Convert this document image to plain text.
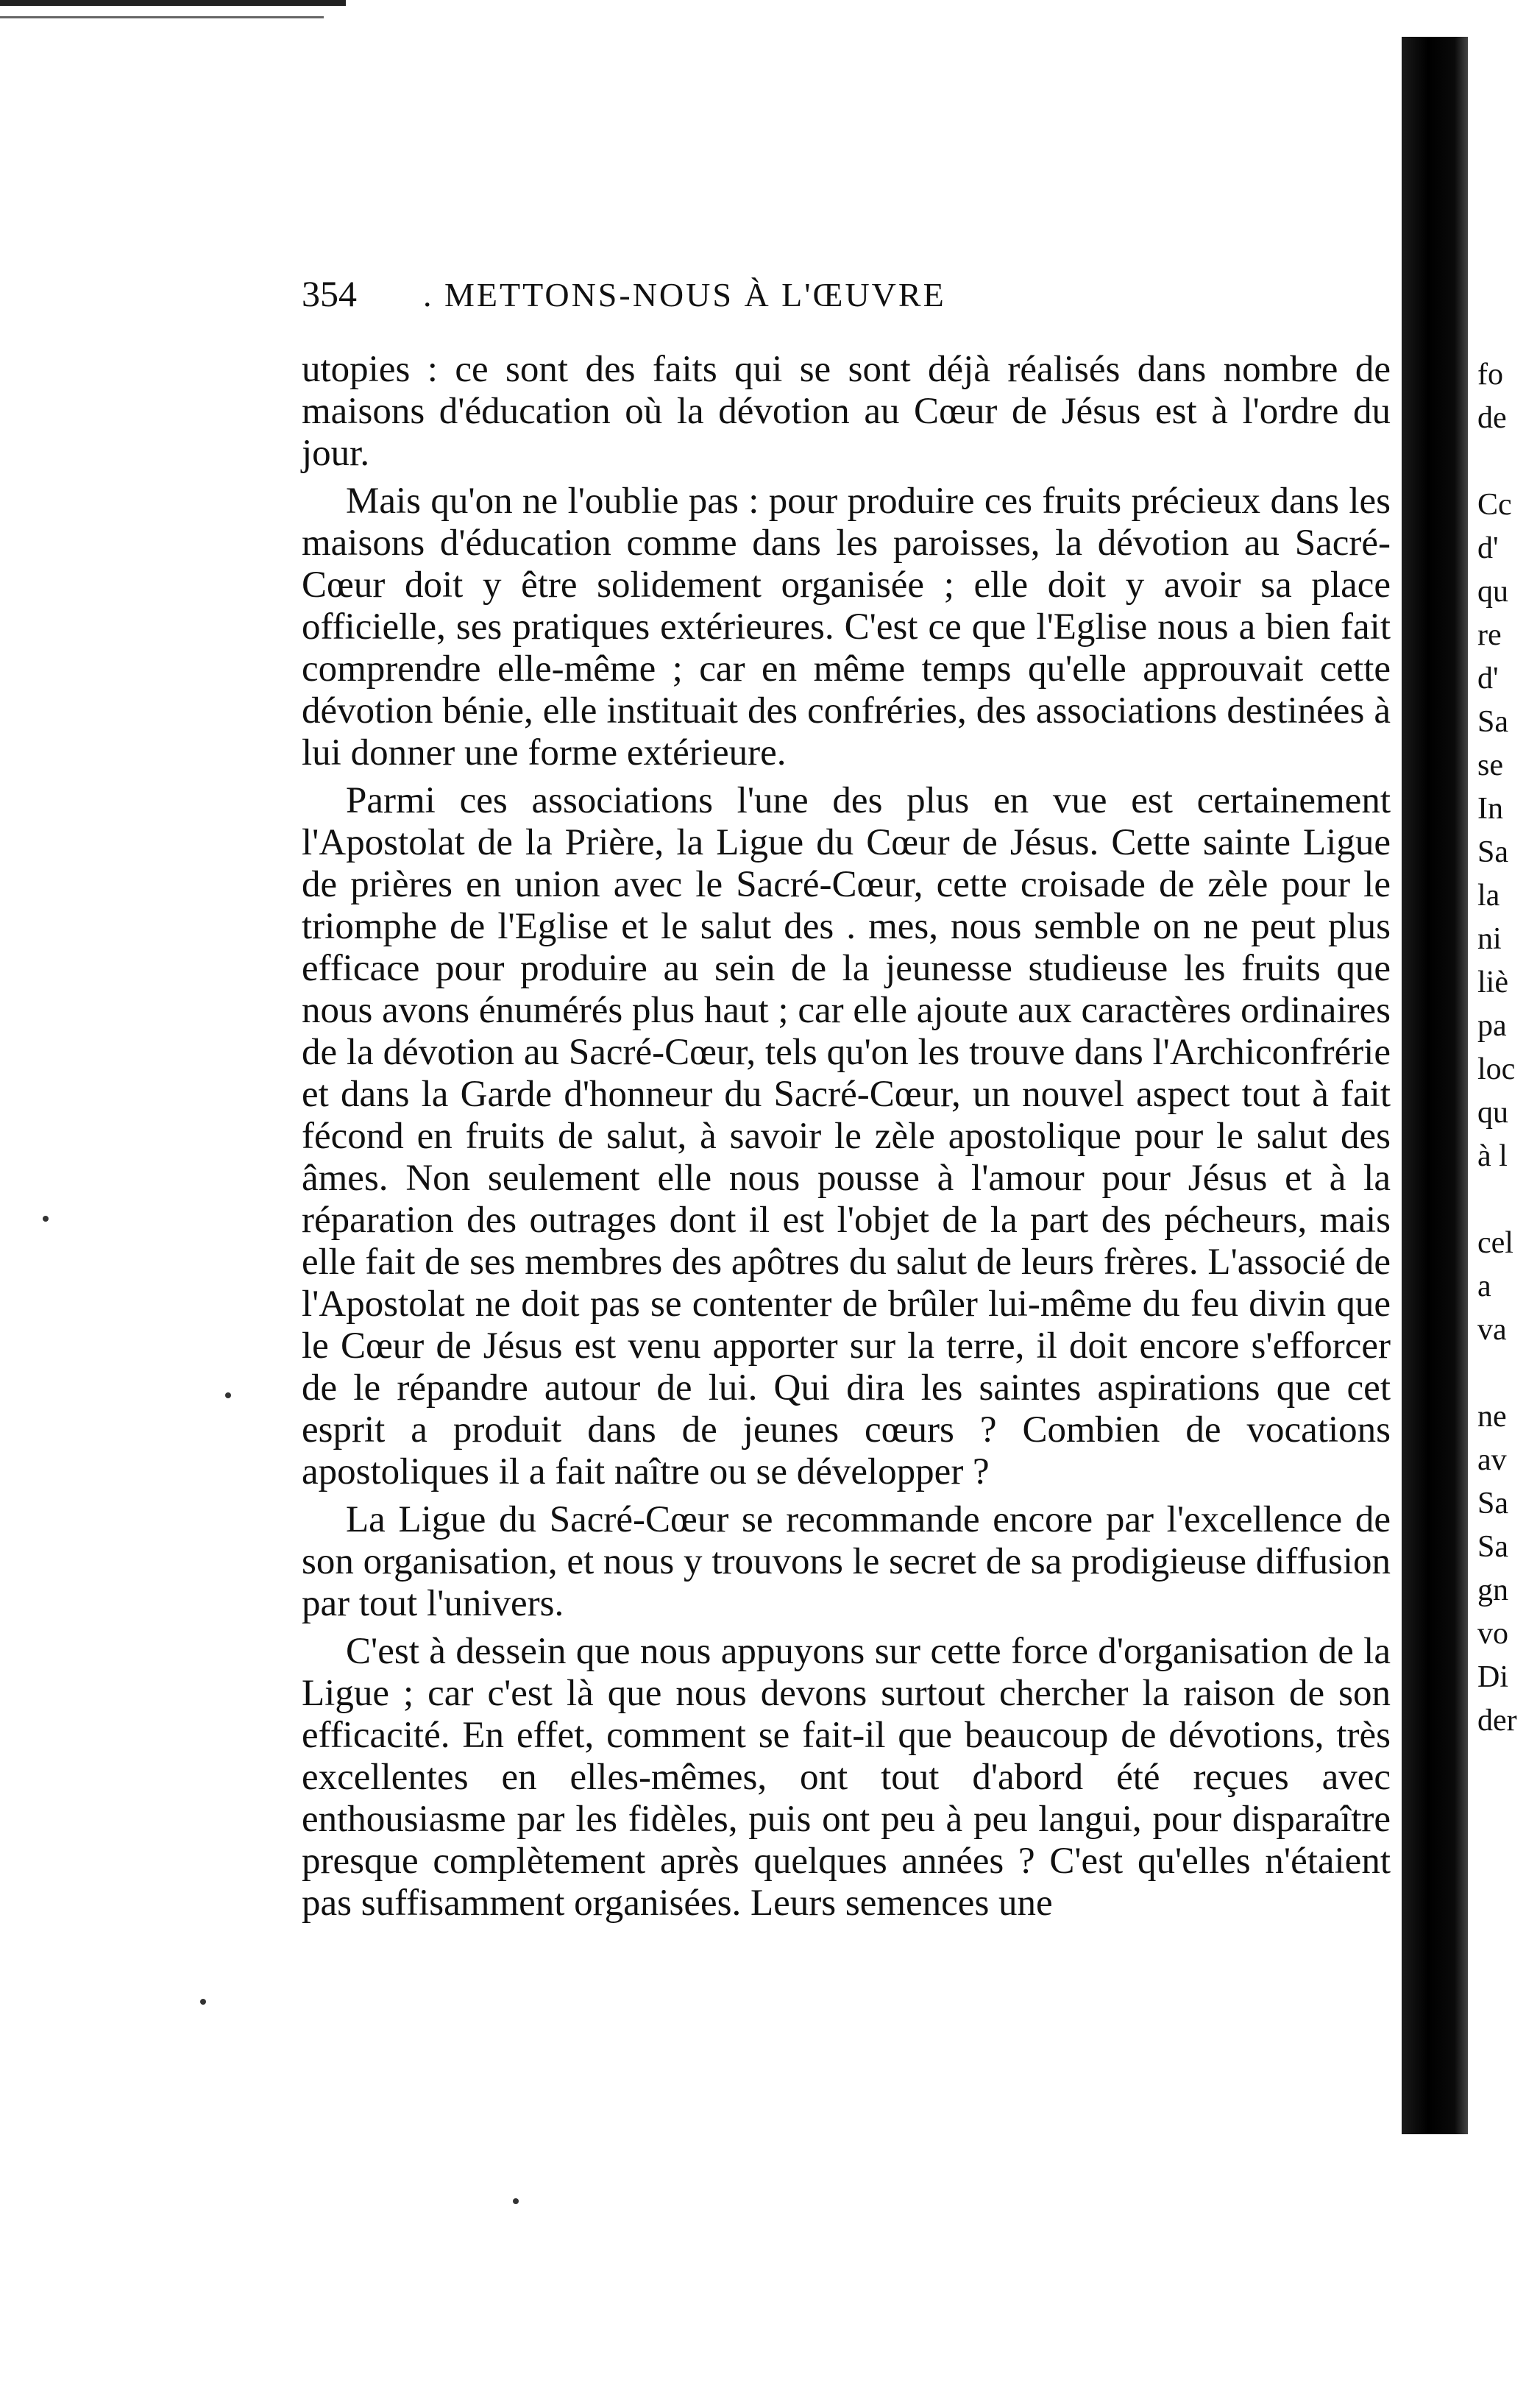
354	. METTONS-NOUS À L'ŒUVRE

utopies : ce sont des faits qui se sont déjà réalisés dans nombre de maisons d'éducation où la dévotion au Cœur de Jésus est à l'ordre du jour.

Mais qu'on ne l'oublie pas : pour produire ces fruits précieux dans les maisons d'éducation comme dans les paroisses, la dévotion au Sacré-Cœur doit y être solidement organisée ; elle doit y avoir sa place officielle, ses pratiques extérieures. C'est ce que l'Eglise nous a bien fait comprendre elle-même ; car en même temps qu'elle approuvait cette dévotion bénie, elle instituait des confréries, des associations destinées à lui donner une forme extérieure.

Parmi ces associations l'une des plus en vue est certainement l'Apostolat de la Prière, la Ligue du Cœur de Jésus. Cette sainte Ligue de prières en union avec le Sacré-Cœur, cette croisade de zèle pour le triomphe de l'Eglise et le salut des . mes, nous semble on ne peut plus efficace pour produire au sein de la jeunesse studieuse les fruits que nous avons énumérés plus haut ; car elle ajoute aux caractères ordinaires de la dévotion au Sacré-Cœur, tels qu'on les trouve dans l'Archiconfrérie et dans la Garde d'honneur du Sacré-Cœur, un nouvel aspect tout à fait fécond en fruits de salut, à savoir le zèle apostolique pour le salut des âmes. Non seulement elle nous pousse à l'amour pour Jésus et à la réparation des outrages dont il est l'objet de la part des pécheurs, mais elle fait de ses membres des apôtres du salut de leurs frères. L'associé de l'Apostolat ne doit pas se contenter de brûler lui-même du feu divin que le Cœur de Jésus est venu apporter sur la terre, il doit encore s'efforcer de le répandre autour de lui. Qui dira les saintes aspirations que cet esprit a produit dans de jeunes cœurs ? Combien de vocations apostoliques il a fait naître ou se développer ?

La Ligue du Sacré-Cœur se recommande encore par l'excellence de son organisation, et nous y trouvons le secret de sa prodigieuse diffusion par tout l'univers.

C'est à dessein que nous appuyons sur cette force d'organisation de la Ligue ; car c'est là que nous devons surtout chercher la raison de son efficacité. En effet, comment se fait-il que beaucoup de dévotions, très excellentes en elles-mêmes, ont tout d'abord été reçues avec enthousiasme par les fidèles, puis ont peu à peu langui, pour disparaître presque complètement après quelques années ? C'est qu'elles n'étaient pas suffisamment organisées. Leurs semences une

fo
de
Cc
d'
qu
re
d'
Sa
se
In
Sa
la
ni
liè
pa
loc
qu
à l
cel
a
va
ne
av
Sa
Sa
gn
vo
Di
der
